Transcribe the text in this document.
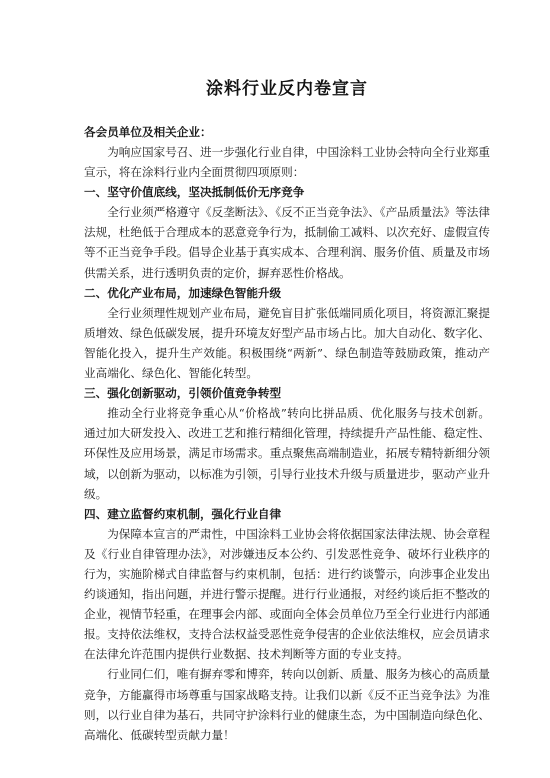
涂料行业反内卷宣言

各会员单位及相关企业：

为响应国家号召、进一步强化行业自律，中国涂料工业协会特向全行业郑重宣示，将在涂料行业内全面贯彻四项原则：

一、坚守价值底线，坚决抵制低价无序竞争

全行业须严格遵守《反垄断法》、《反不正当竞争法》、《产品质量法》等法律法规，杜绝低于合理成本的恶意竞争行为，抵制偷工减料、以次充好、虚假宣传等不正当竞争手段。倡导企业基于真实成本、合理利润、服务价值、质量及市场供需关系，进行透明负责的定价，摒弃恶性价格战。

二、优化产业布局，加速绿色智能升级

全行业须理性规划产业布局，避免盲目扩张低端同质化项目，将资源汇聚提质增效、绿色低碳发展，提升环境友好型产品市场占比。加大自动化、数字化、智能化投入，提升生产效能。积极围绕“两新”、绿色制造等鼓励政策，推动产业高端化、绿色化、智能化转型。

三、强化创新驱动，引领价值竞争转型

推动全行业将竞争重心从“价格战”转向比拼品质、优化服务与技术创新。通过加大研发投入、改进工艺和推行精细化管理，持续提升产品性能、稳定性、环保性及应用场景，满足市场需求。重点聚焦高端制造业，拓展专精特新细分领域，以创新为驱动，以标准为引领，引导行业技术升级与质量进步，驱动产业升级。

四、建立监督约束机制，强化行业自律

为保障本宣言的严肃性，中国涂料工业协会将依据国家法律法规、协会章程及《行业自律管理办法》，对涉嫌违反本公约、引发恶性竞争、破坏行业秩序的行为，实施阶梯式自律监督与约束机制，包括：进行约谈警示，向涉事企业发出约谈通知，指出问题，并进行警示提醒。进行行业通报，对经约谈后拒不整改的企业，视情节轻重，在理事会内部、或面向全体会员单位乃至全行业进行内部通报。支持依法维权，支持合法权益受恶性竞争侵害的企业依法维权，应会员请求在法律允许范围内提供行业数据、技术判断等方面的专业支持。

行业同仁们，唯有摒弃零和博弈，转向以创新、质量、服务为核心的高质量竞争，方能赢得市场尊重与国家战略支持。让我们以新《反不正当竞争法》为准则，以行业自律为基石，共同守护涂料行业的健康生态，为中国制造向绿色化、高端化、低碳转型贡献力量！
